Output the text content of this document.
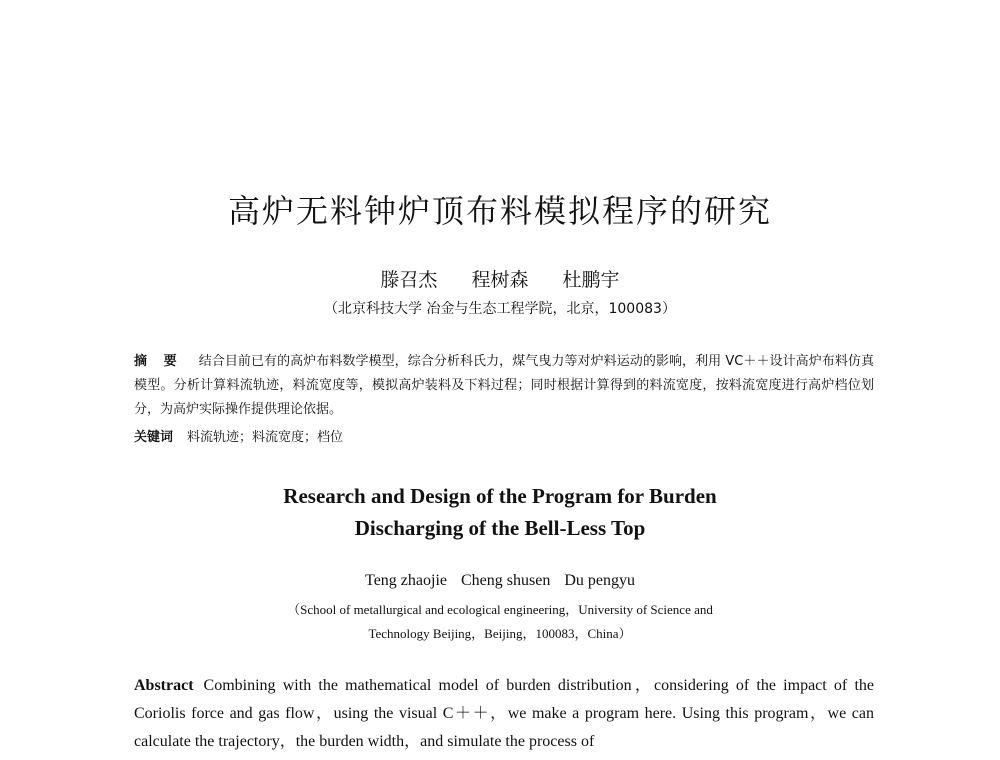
高炉无料钟炉顶布料模拟程序的研究
滕召杰 程树森 杜鹏宇
（北京科技大学 冶金与生态工程学院，北京，100083）
摘 要 结合目前已有的高炉布料数学模型，综合分析科氏力，煤气曳力等对炉料运动的影响，利用 VC＋＋设计高炉布料仿真模型。分析计算料流轨迹，料流宽度等，模拟高炉装料及下料过程；同时根据计算得到的料流宽度，按料流宽度进行高炉档位划分，为高炉实际操作提供理论依据。
关键词 料流轨迹；料流宽度；档位
Research and Design of the Program for Burden
Discharging of the Bell-Less Top
Teng zhaojie Cheng shusen Du pengyu
（School of metallurgical and ecological engineering，University of Science and
Technology Beijing，Beijing，100083，China）
Abstract Combining with the mathematical model of burden distribution，considering of the impact of the Coriolis force and gas flow，using the visual C＋＋，we make a program here. Using this program，we can calculate the trajectory，the burden width，and simulate the process of
